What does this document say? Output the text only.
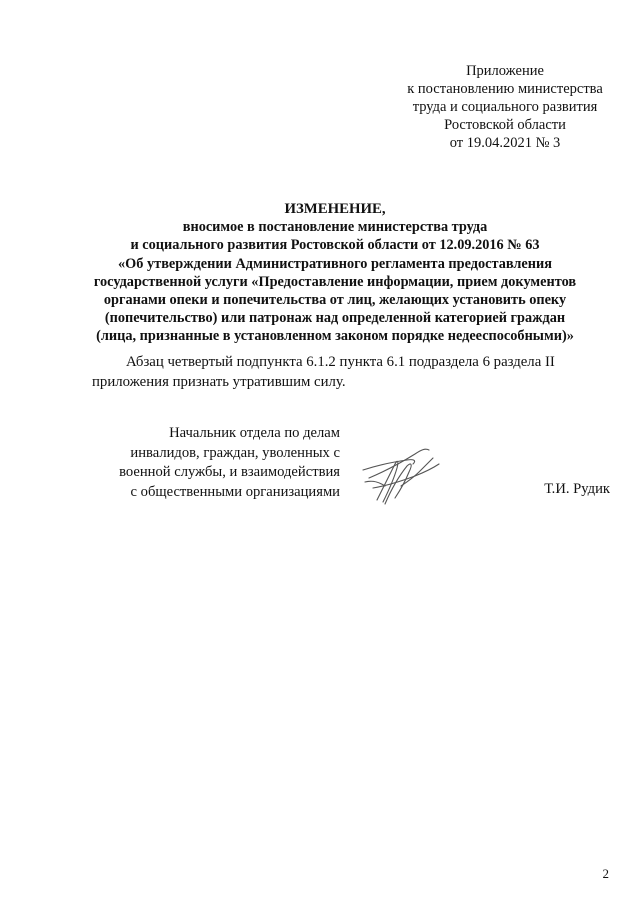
Приложение
к постановлению министерства
труда и социального развития
Ростовской области
от 19.04.2021 № 3
ИЗМЕНЕНИЕ,
вносимое в постановление министерства труда
и социального развития Ростовской области от 12.09.2016 № 63
«Об утверждении Административного регламента предоставления
государственной услуги «Предоставление информации, прием документов
органами опеки и попечительства от лиц, желающих установить опеку
(попечительство) или патронаж над определенной категорией граждан
(лица, признанные в установленном законом порядке недееспособными)»
Абзац четвертый подпункта 6.1.2 пункта 6.1 подраздела 6 раздела II
приложения признать утратившим силу.
Начальник отдела по делам
инвалидов, граждан, уволенных с
военной службы, и взаимодействия
с общественными организациями	Т.И. Рудик
2
